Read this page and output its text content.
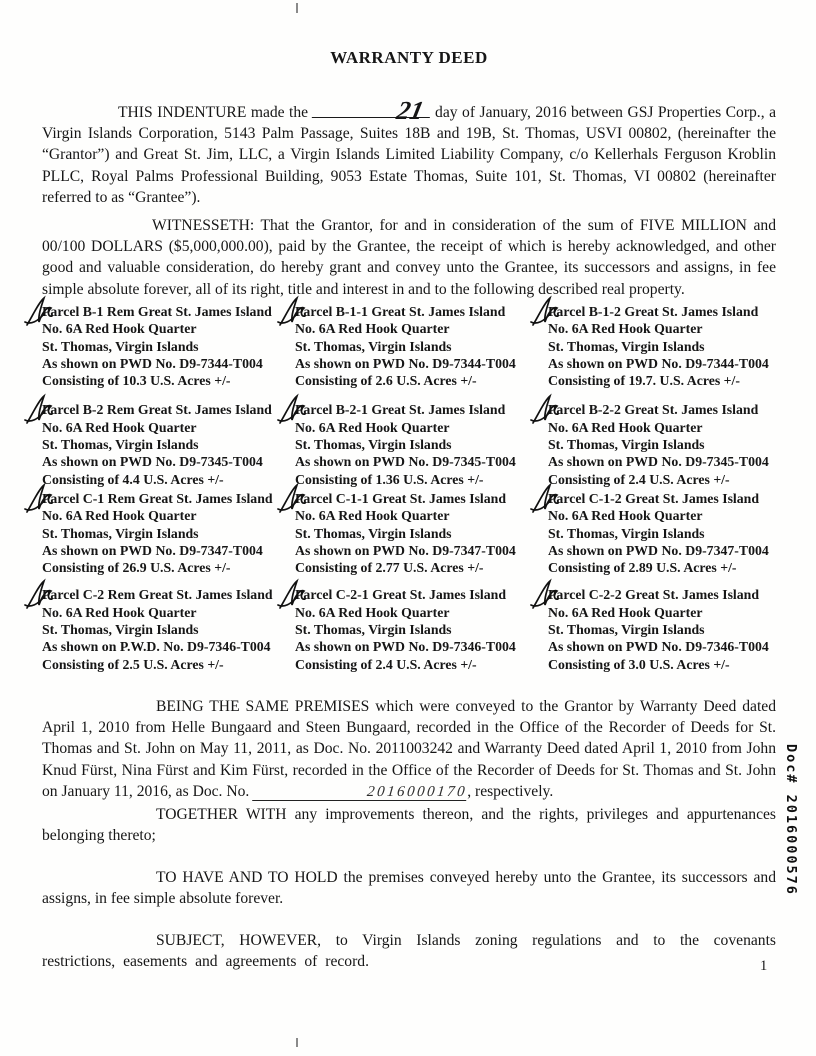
WARRANTY DEED

THIS INDENTURE made the	21 day of January, 2016 between GSJ Properties Corp., a Virgin Islands Corporation, 5143 Palm Passage, Suites 18B and 19B, St. Thomas, USVI 00802, (hereinafter the “Grantor”) and Great St. Jim, LLC, a Virgin Islands Limited Liability Company, c/o Kellerhals Ferguson Kroblin PLLC, Royal Palms Professional Building, 9053 Estate Thomas, Suite 101, St. Thomas, VI 00802 (hereinafter referred to as “Grantee”).

WITNESSETH: That the Grantor, for and in consideration of the sum of FIVE MILLION and 00/100 DOLLARS ($5,000,000.00), paid by the Grantee, the receipt of which is hereby acknowledged, and other good and valuable consideration, do hereby grant and convey unto the Grantee, its successors and assigns, in fee simple absolute forever, all of its right, title and interest in and to the following described real property.

Parcel B-1 Rem Great St. James Island
No. 6A Red Hook Quarter
St. Thomas, Virgin Islands
As shown on PWD No. D9-7344-T004
Consisting of 10.3 U.S. Acres +/-
Parcel B-1-1 Great St. James Island
No. 6A Red Hook Quarter
St. Thomas, Virgin Islands
As shown on PWD No. D9-7344-T004
Consisting of 2.6 U.S. Acres +/-
Parcel B-1-2 Great St. James Island
No. 6A Red Hook Quarter
St. Thomas, Virgin Islands
As shown on PWD No. D9-7344-T004
Consisting of 19.7. U.S. Acres +/-
Parcel B-2 Rem Great St. James Island
No. 6A Red Hook Quarter
St. Thomas, Virgin Islands
As shown on PWD No. D9-7345-T004
Consisting of 4.4 U.S. Acres +/-
Parcel B-2-1 Great St. James Island
No. 6A Red Hook Quarter
St. Thomas, Virgin Islands
As shown on PWD No. D9-7345-T004
Consisting of 1.36 U.S. Acres +/-
Parcel B-2-2 Great St. James Island
No. 6A Red Hook Quarter
St. Thomas, Virgin Islands
As shown on PWD No. D9-7345-T004
Consisting of 2.4 U.S. Acres +/-
Parcel C-1 Rem Great St. James Island
No. 6A Red Hook Quarter
St. Thomas, Virgin Islands
As shown on PWD No. D9-7347-T004
Consisting of 26.9 U.S. Acres +/-
Parcel C-1-1 Great St. James Island
No. 6A Red Hook Quarter
St. Thomas, Virgin Islands
As shown on PWD No. D9-7347-T004
Consisting of 2.77 U.S. Acres +/-
Parcel C-1-2 Great St. James Island
No. 6A Red Hook Quarter
St. Thomas, Virgin Islands
As shown on PWD No. D9-7347-T004
Consisting of 2.89 U.S. Acres +/-
Parcel C-2 Rem Great St. James Island
No. 6A Red Hook Quarter
St. Thomas, Virgin Islands
As shown on P.W.D. No. D9-7346-T004
Consisting of 2.5 U.S. Acres +/-
Parcel C-2-1 Great St. James Island
No. 6A Red Hook Quarter
St. Thomas, Virgin Islands
As shown on PWD No. D9-7346-T004
Consisting of 2.4 U.S. Acres +/-
Parcel C-2-2 Great St. James Island
No. 6A Red Hook Quarter
St. Thomas, Virgin Islands
As shown on PWD No. D9-7346-T004
Consisting of 3.0 U.S. Acres +/-

BEING THE SAME PREMISES which were conveyed to the Grantor by Warranty Deed dated April 1, 2010 from Helle Bungaard and Steen Bungaard, recorded in the Office of the Recorder of Deeds for St. Thomas and St. John on May 11, 2011, as Doc. No. 2011003242 and Warranty Deed dated April 1, 2010 from John Knud Fürst, Nina Fürst and Kim Fürst, recorded in the Office of the Recorder of Deeds for St. Thomas and St. John on January 11, 2016, as Doc. No.	2016000170, respectively.

TOGETHER WITH any improvements thereon, and the rights, privileges and appurtenances belonging thereto;

TO HAVE AND TO HOLD the premises conveyed hereby unto the Grantee, its successors and assigns, in fee simple absolute forever.

SUBJECT, HOWEVER, to Virgin Islands zoning regulations and to the covenants restrictions, easements and agreements of record.

Doc# 2016000576
1
